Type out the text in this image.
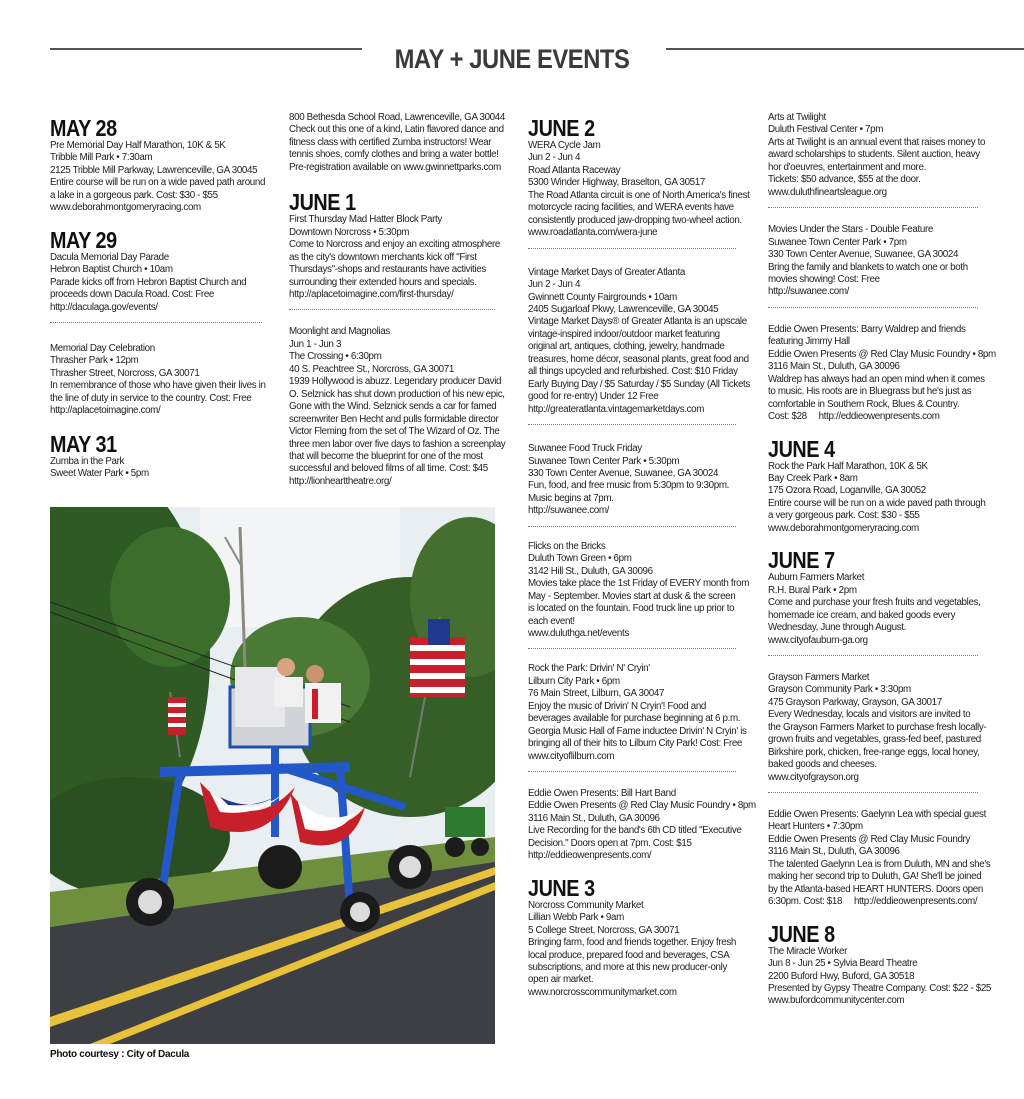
MAY + JUNE EVENTS
MAY 28
Pre Memorial Day Half Marathon, 10K & 5K
Tribble Mill Park • 7:30am
2125 Tribble Mill Parkway, Lawrenceville, GA 30045
Entire course will be run on a wide paved path around
a lake in a gorgeous park. Cost: $30 - $55
www.deborahmontgomeryracing.com
MAY 29
Dacula Memorial Day Parade
Hebron Baptist Church • 10am
Parade kicks off from Hebron Baptist Church and
proceeds down Dacula Road. Cost: Free
http://daculaga.gov/events/
Memorial Day Celebration
Thrasher Park • 12pm
Thrasher Street, Norcross, GA 30071
In remembrance of those who have given their lives in
the line of duty in service to the country. Cost: Free
http://aplacetoimagine.com/
MAY 31
Zumba in the Park
Sweet Water Park • 5pm
800 Bethesda School Road, Lawrenceville, GA 30044
Check out this one of a kind, Latin flavored dance and
fitness class with certified Zumba instructors! Wear
tennis shoes, comfy clothes and bring a water bottle!
Pre-registration available on www.gwinnettparks.com
JUNE 1
First Thursday Mad Hatter Block Party
Downtown Norcross • 5:30pm
Come to Norcross and enjoy an exciting atmosphere
as the city's downtown merchants kick off "First
Thursdays"-shops and restaurants have activities
surrounding their extended hours and specials.
http://aplacetoimagine.com/first-thursday/
Moonlight and Magnolias
Jun 1 - Jun 3
The Crossing • 6:30pm
40 S. Peachtree St., Norcross, GA 30071
1939 Hollywood is abuzz. Legendary producer David
O. Selznick has shut down production of his new epic,
Gone with the Wind. Selznick sends a car for famed
screenwriter Ben Hecht and pulls formidable director
Victor Fleming from the set of The Wizard of Oz. The
three men labor over five days to fashion a screenplay
that will become the blueprint for one of the most
successful and beloved films of all time. Cost: $45
http://lionhearttheatre.org/
Photo courtesy : City of Dacula
JUNE 2
WERA Cycle Jam
Jun 2 - Jun 4
Road Atlanta Raceway
5300 Winder Highway, Braselton, GA 30517
The Road Atlanta circuit is one of North America's finest
motorcycle racing facilities, and WERA events have
consistently produced jaw-dropping two-wheel action.
www.roadatlanta.com/wera-june
Vintage Market Days of Greater Atlanta
Jun 2 - Jun 4
Gwinnett County Fairgrounds • 10am
2405 Sugarloaf Pkwy, Lawrenceville, GA 30045
Vintage Market Days® of Greater Atlanta is an upscale
vintage-inspired indoor/outdoor market featuring
original art, antiques, clothing, jewelry, handmade
treasures, home décor, seasonal plants, great food and
all things upcycled and refurbished. Cost: $10 Friday
Early Buying Day / $5 Saturday / $5 Sunday (All Tickets
good for re-entry) Under 12 Free
http://greateratlanta.vintagemarketdays.com
Suwanee Food Truck Friday
Suwanee Town Center Park • 5:30pm
330 Town Center Avenue, Suwanee, GA 30024
Fun, food, and free music from 5:30pm to 9:30pm.
Music begins at 7pm.
http://suwanee.com/
Flicks on the Bricks
Duluth Town Green • 6pm
3142 Hill St., Duluth, GA 30096
Movies take place the 1st Friday of EVERY month from
May - September. Movies start at dusk & the screen
is located on the fountain. Food truck line up prior to
each event!
www.duluthga.net/events
Rock the Park: Drivin' N' Cryin'
Lilburn City Park • 6pm
76 Main Street, Lilburn, GA 30047
Enjoy the music of Drivin' N Cryin'! Food and
beverages available for purchase beginning at 6 p.m.
Georgia Music Hall of Fame inductee Drivin' N Cryin' is
bringing all of their hits to Lilburn City Park! Cost: Free
www.cityoflilburn.com
Eddie Owen Presents: Bill Hart Band
Eddie Owen Presents @ Red Clay Music Foundry • 8pm
3116 Main St., Duluth, GA 30096
Live Recording for the band's 6th CD titled "Executive
Decision." Doors open at 7pm. Cost: $15
http://eddieowenpresents.com/
JUNE 3
Norcross Community Market
Lillian Webb Park • 9am
5 College Street, Norcross, GA 30071
Bringing farm, food and friends together. Enjoy fresh
local produce, prepared food and beverages, CSA
subscriptions, and more at this new producer-only
open air market.
www.norcrosscommunitymarket.com
Arts at Twilight
Duluth Festival Center • 7pm
Arts at Twilight is an annual event that raises money to
award scholarships to students. Silent auction, heavy
hor d'oeuvres, entertainment and more.
Tickets: $50 advance, $55 at the door.
www.duluthfineartsleague.org
Movies Under the Stars - Double Feature
Suwanee Town Center Park • 7pm
330 Town Center Avenue, Suwanee, GA 30024
Bring the family and blankets to watch one or both
movies showing! Cost: Free
http://suwanee.com/
Eddie Owen Presents: Barry Waldrep and friends
featuring Jimmy Hall
Eddie Owen Presents @ Red Clay Music Foundry • 8pm
3116 Main St., Duluth, GA 30096
Waldrep has always had an open mind when it comes
to music. His roots are in Bluegrass but he's just as
comfortable in Southern Rock, Blues & Country.
Cost: $28     http://eddieowenpresents.com
JUNE 4
Rock the Park Half Marathon, 10K & 5K
Bay Creek Park • 8am
175 Ozora Road, Loganville, GA 30052
Entire course will be run on a wide paved path through
a very gorgeous park. Cost: $30 - $55
www.deborahmontgomeryracing.com
JUNE 7
Auburn Farmers Market
R.H. Bural Park • 2pm
Come and purchase your fresh fruits and vegetables,
homemade ice cream, and baked goods every
Wednesday, June through August.
www.cityofauburn-ga.org
Grayson Farmers Market
Grayson Community Park • 3:30pm
475 Grayson Parkway, Grayson, GA 30017
Every Wednesday, locals and visitors are invited to
the Grayson Farmers Market to purchase fresh locally-
grown fruits and vegetables, grass-fed beef, pastured
Birkshire pork, chicken, free-range eggs, local honey,
baked goods and cheeses.
www.cityofgrayson.org
Eddie Owen Presents: Gaelynn Lea with special guest
Heart Hunters • 7:30pm
Eddie Owen Presents @ Red Clay Music Foundry
3116 Main St., Duluth, GA 30096
The talented Gaelynn Lea is from Duluth, MN and she's
making her second trip to Duluth, GA! She'll be joined
by the Atlanta-based HEART HUNTERS. Doors open
6:30pm. Cost: $18     http://eddieowenpresents.com/
JUNE 8
The Miracle Worker
Jun 8 - Jun 25 • Sylvia Beard Theatre
2200 Buford Hwy, Buford, GA 30518
Presented by Gypsy Theatre Company. Cost: $22 - $25
www.bufordcommunitycenter.com
